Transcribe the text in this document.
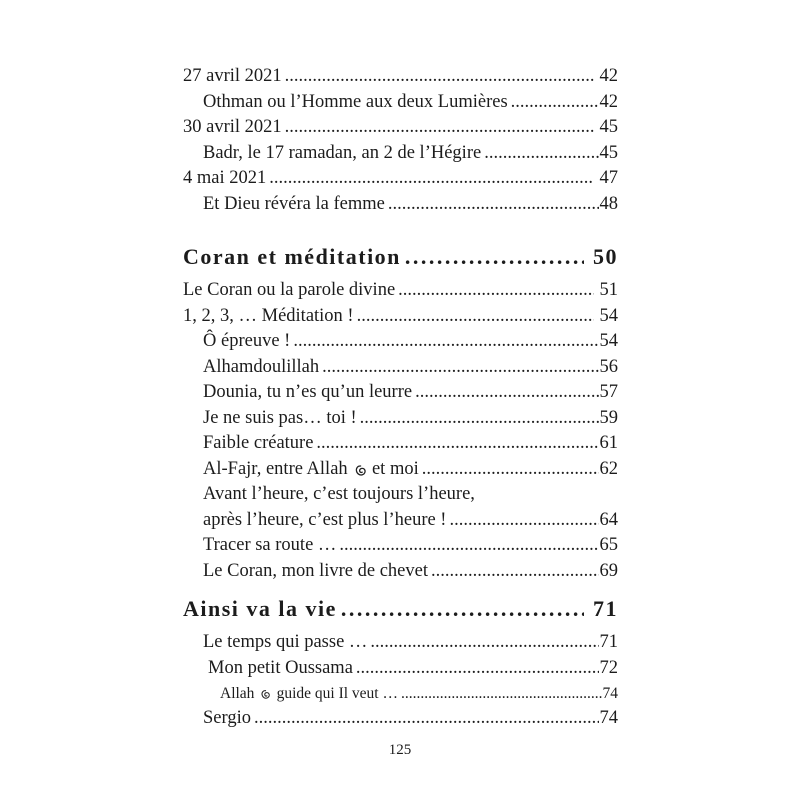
27 avril 2021 .....	42
Othman ou l’Homme aux deux Lumières .....	42
30 avril 2021 .....	45
Badr, le 17 ramadan, an 2 de l’Hégire .....	45
4 mai 2021 .....	47
Et Dieu révéra la femme .....	48
Coran et méditation .....	50
Le Coran ou la parole divine .....	51
1, 2, 3, … Méditation ! .....	54
Ô épreuve ! .....	54
Alhamdoulillah .....	56
Dounia, tu n’es qu’un leurre .....	57
Je ne suis pas… toi ! .....	59
Faible créature .....	61
Al-Fajr, entre Allah et moi .....	62
Avant l’heure, c’est toujours l’heure,
après l’heure, c’est plus l’heure ! .....	64
Tracer sa route … .....	65
Le Coran, mon livre de chevet .....	69
Ainsi va la vie .....	71
Le temps qui passe … .....	71
Mon petit Oussama .....	72
Allah guide qui Il veut … .....	74
Sergio .....	74
125
